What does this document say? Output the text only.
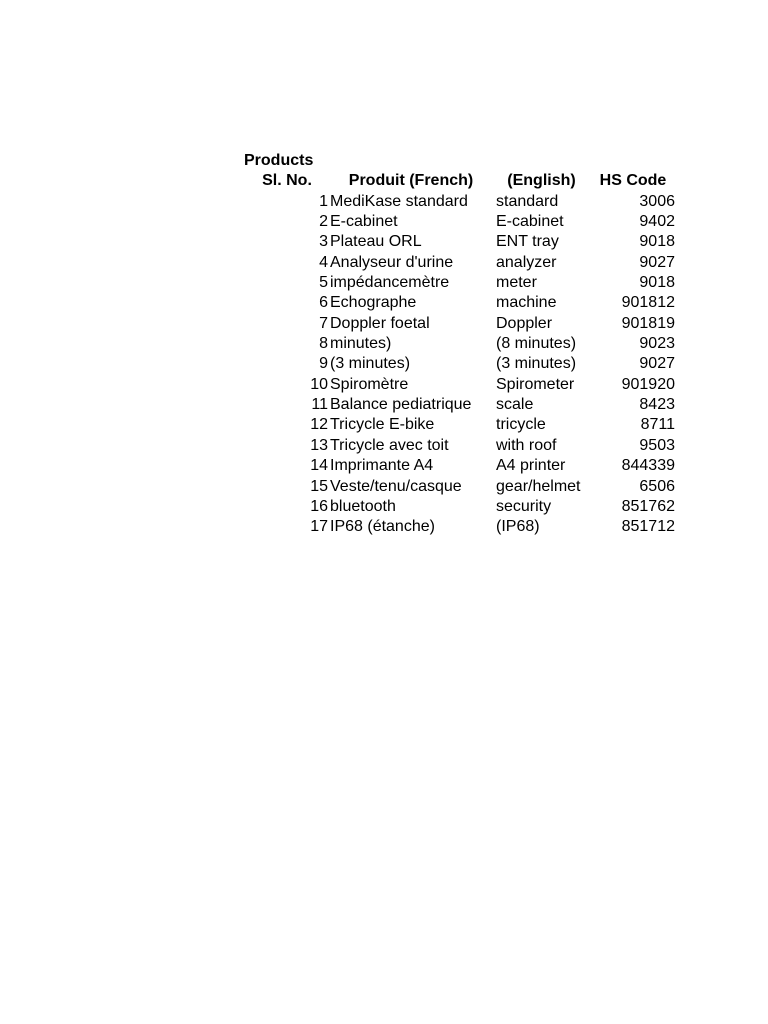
Products
Sl. No.	Produit (French)	(English)	HS Code
1	MediKase standard	standard	3006
2	E-cabinet	E-cabinet	9402
3	Plateau ORL	ENT tray	9018
4	Analyseur d'urine	analyzer	9027
5	impédancemètre	meter	9018
6	Echographe	machine	901812
7	Doppler foetal	Doppler	901819
8	minutes)	(8 minutes)	9023
9	(3 minutes)	(3 minutes)	9027
10	Spiromètre	Spirometer	901920
11	Balance pediatrique	scale	8423
12	Tricycle E-bike	tricycle	8711
13	Tricycle avec toit	with roof	9503
14	Imprimante A4	A4 printer	844339
15	Veste/tenu/casque	gear/helmet	6506
16	bluetooth	security	851762
17	IP68 (étanche)	(IP68)	851712
